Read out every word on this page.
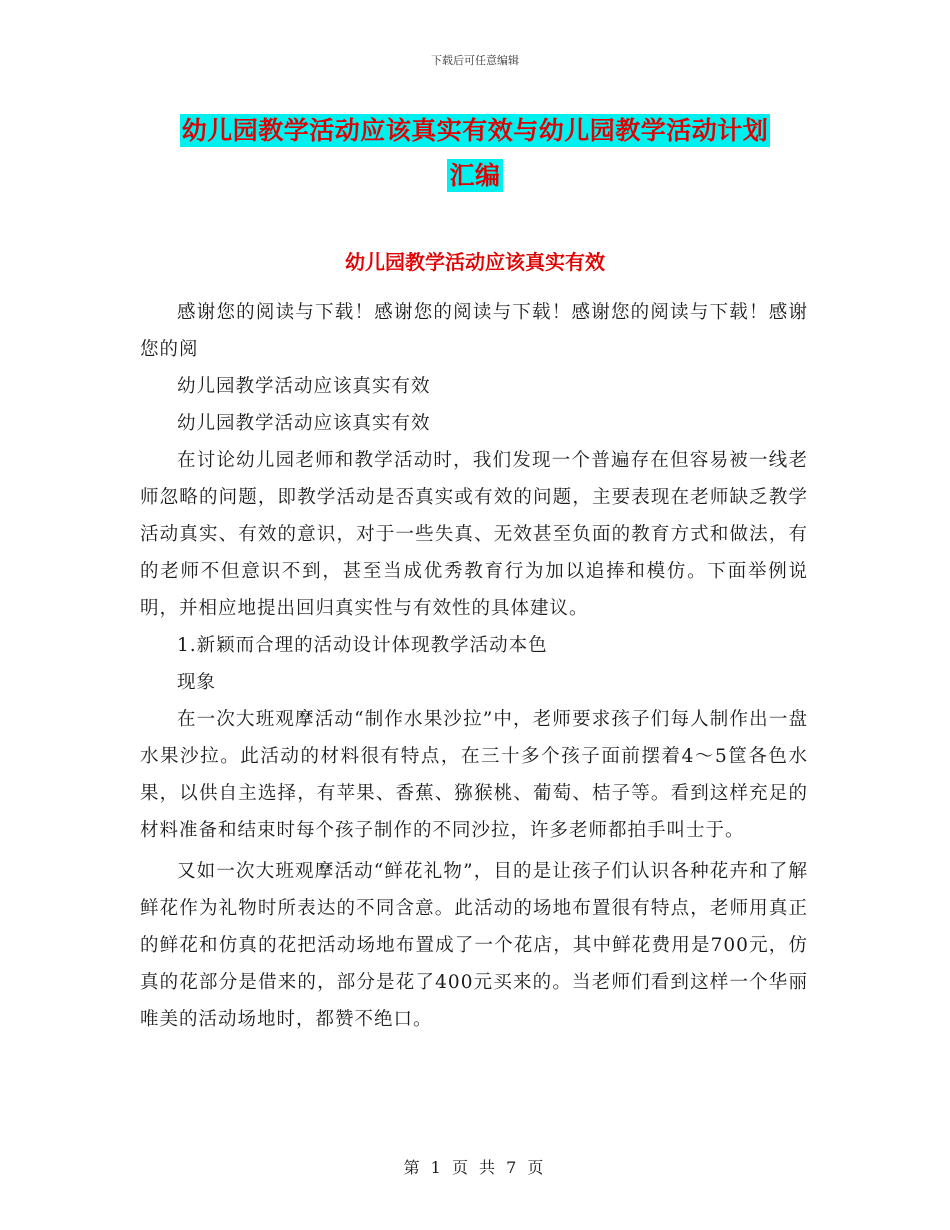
下载后可任意编辑
幼儿园教学活动应该真实有效与幼儿园教学活动计划
汇编
幼儿园教学活动应该真实有效

感谢您的阅读与下载！感谢您的阅读与下载！感谢您的阅读与下载！感谢您的阅

幼儿园教学活动应该真实有效

幼儿园教学活动应该真实有效

在讨论幼儿园老师和教学活动时，我们发现一个普遍存在但容易被一线老师忽略的问题，即教学活动是否真实或有效的问题，主要表现在老师缺乏教学活动真实、有效的意识，对于一些失真、无效甚至负面的教育方式和做法，有的老师不但意识不到，甚至当成优秀教育行为加以追捧和模仿。下面举例说明，并相应地提出回归真实性与有效性的具体建议。

1.新颖而合理的活动设计体现教学活动本色

现象

在一次大班观摩活动“制作水果沙拉”中，老师要求孩子们每人制作出一盘水果沙拉。此活动的材料很有特点，在三十多个孩子面前摆着4～5筐各色水果，以供自主选择，有苹果、香蕉、猕猴桃、葡萄、桔子等。看到这样充足的材料准备和结束时每个孩子制作的不同沙拉，许多老师都拍手叫士于。

又如一次大班观摩活动“鲜花礼物”，目的是让孩子们认识各种花卉和了解鲜花作为礼物时所表达的不同含意。此活动的场地布置很有特点，老师用真正的鲜花和仿真的花把活动场地布置成了一个花店，其中鲜花费用是700元，仿真的花部分是借来的，部分是花了400元买来的。当老师们看到这样一个华丽唯美的活动场地时，都赞不绝口。

第 1 页 共 7 页
